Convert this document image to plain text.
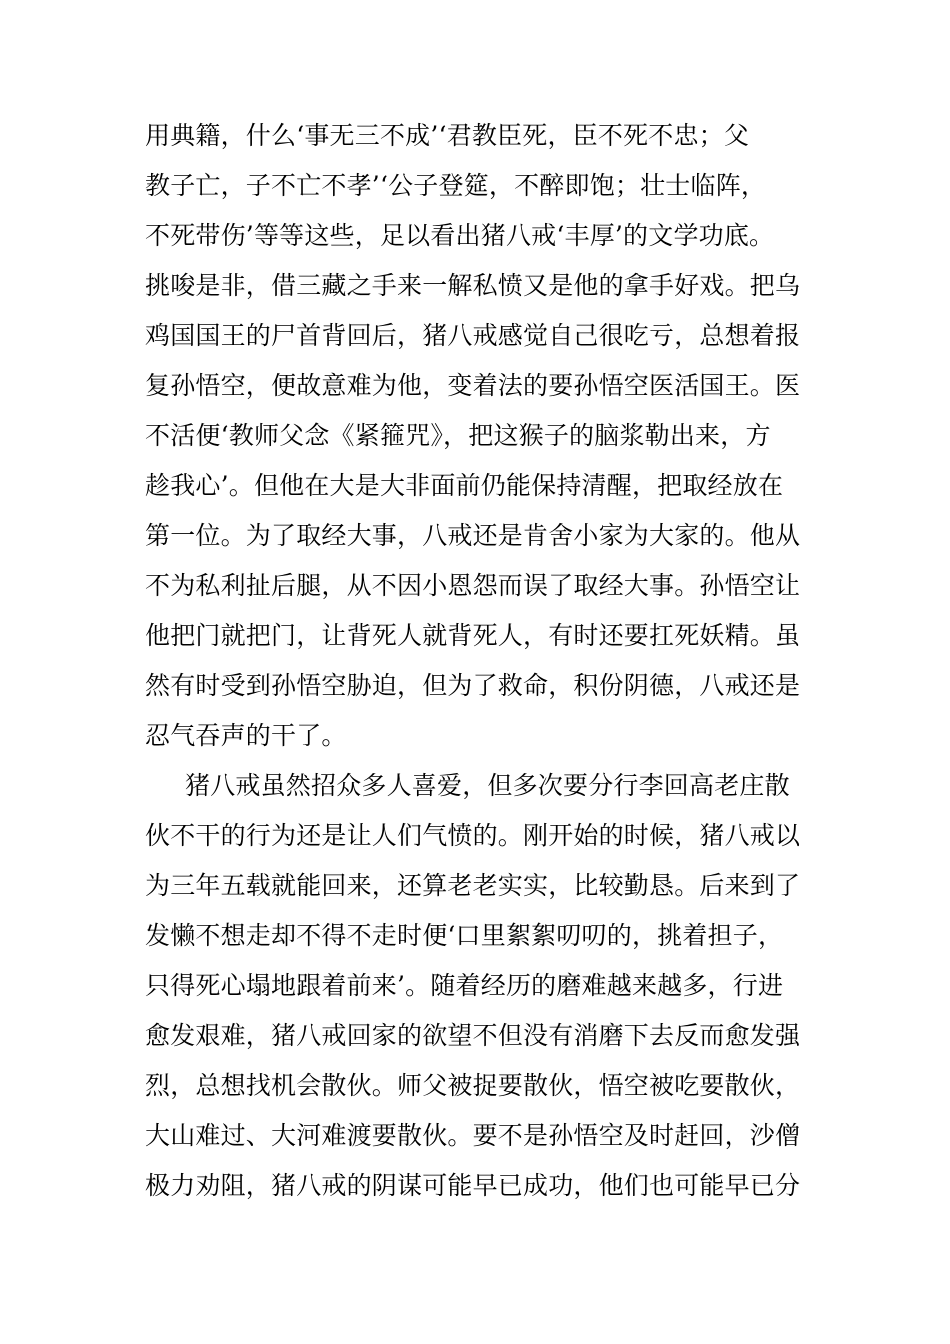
用典籍，什么‘事无三不成’‘君教臣死，臣不死不忠；父
教子亡，子不亡不孝’‘公子登筵，不醉即饱；壮士临阵，
不死带伤’等等这些，足以看出猪八戒‘丰厚’的文学功底。
挑唆是非，借三藏之手来一解私愤又是他的拿手好戏。把乌
鸡国国王的尸首背回后，猪八戒感觉自己很吃亏，总想着报
复孙悟空，便故意难为他，变着法的要孙悟空医活国王。医
不活便‘教师父念《紧箍咒》，把这猴子的脑浆勒出来，方
趁我心’。但他在大是大非面前仍能保持清醒，把取经放在
第一位。为了取经大事，八戒还是肯舍小家为大家的。他从
不为私利扯后腿，从不因小恩怨而误了取经大事。孙悟空让
他把门就把门，让背死人就背死人，有时还要扛死妖精。虽
然有时受到孙悟空胁迫，但为了救命，积份阴德，八戒还是
忍气吞声的干了。
猪八戒虽然招众多人喜爱，但多次要分行李回高老庄散
伙不干的行为还是让人们气愤的。刚开始的时候，猪八戒以
为三年五载就能回来，还算老老实实，比较勤恳。后来到了
发懒不想走却不得不走时便‘口里絮絮叨叨的，挑着担子，
只得死心塌地跟着前来’。随着经历的磨难越来越多，行进
愈发艰难，猪八戒回家的欲望不但没有消磨下去反而愈发强
烈，总想找机会散伙。师父被捉要散伙，悟空被吃要散伙，
大山难过、大河难渡要散伙。要不是孙悟空及时赶回，沙僧
极力劝阻，猪八戒的阴谋可能早已成功，他们也可能早已分
